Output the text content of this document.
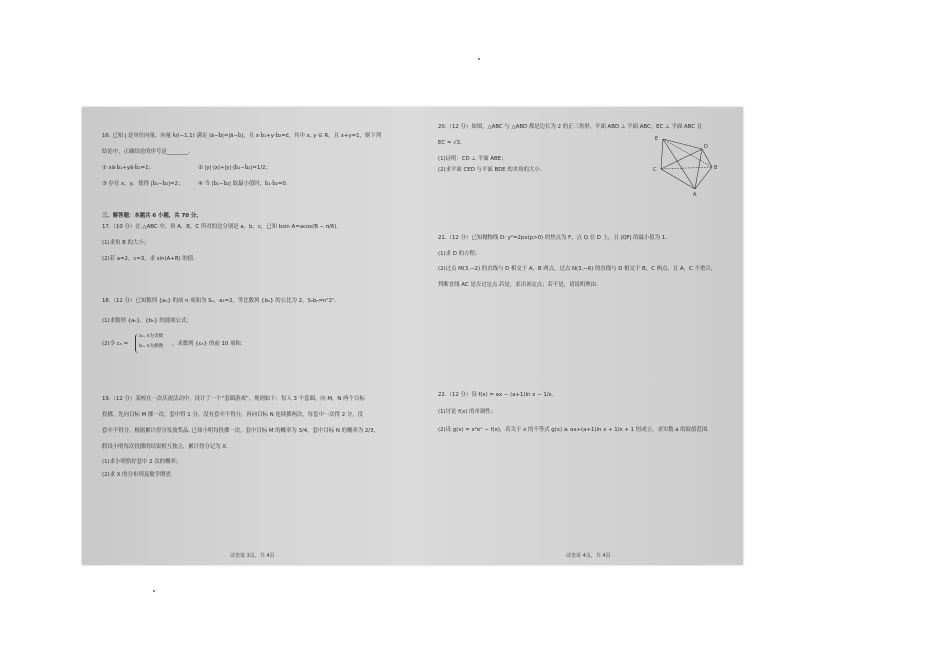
16. 已知 j 是单位向量，向量 k̄(i−1,1) 满足 |ā−b̄|=|ā−b̄|，且 x·b̄₁+y·b̄₂=c̄，其中 x, y ∈ R，且 x+y=1，则下列
结论中，正确结论的序号是________.
① xā·b̄₁+yā·b̄₂=1；	② |y|·|x|+|y|·|b̄₁−b̄₂|=1/2；
③ 存在 x，y，使得 |b̄₁−b̄₂|=2；	④ 当 |b̄₁−b̄₂| 取最小值时，b̄₁·b̄₂=0.
三、解答题：本题共 6 小题，共 70 分。
17.（10 分）在 △ABC 中，角 A，B，C 所对的边分别是 a，b，c，已知 bsin A=acos(B − π/6).
(1)求角 B 的大小；
(2)若 a=2，c=3，求 sin(A+B) 的值.
18.（12 分）已知数列 {aₙ} 的前 n 项和为 Sₙ，a₁=2，等比数列 {bₙ} 的公比为 2，Sₙbₙ=n²2ⁿ.
(1)求数列 {aₙ}，{bₙ} 的通项公式；
(2)令 cₙ =
aₙ, n为奇数
bₙ, n为偶数 ，求数列 {cₙ} 的前 10 项和.
19.（12 分）某校在一次庆祝活动中，设计了一个“套圈游戏”，规则如下：每人 3 个套圈，向 M，N 两个目标
投掷，先向目标 M 掷一次，套中得 1 分，没有套中不得分，再向目标 N 连续掷两次，每套中一次得 2 分，没
套中不得分，根据累计得分发放奖品. 已知小明每投掷一次，套中目标 M 的概率为 3/4，套中目标 N 的概率为 2/3，
假设小明每次投掷的结果相互独立，累计得分记为 X.
(1)求小明恰好套中 2 次的概率；
(2)求 X 的分布列及数学期望.
试卷第 3页，共 4页
20.（12 分）如图，△ABC 与 △ABD 都是边长为 2 的正三角形，平面 ABD ⊥ 平面 ABC，EC ⊥ 平面 ABC 且
EC = √3.
(1)证明：CD ⊥ 平面 ABE；
(2)求平面 CED 与平面 BDE 的夹角的大小.
E
D
C	B
A
21.（12 分）已知抛物线 D: y²=2px(p>0) 的焦点为 F，点 Q 在 D 上，且 |QF| 的最小值为 1.
(1)求 D 的方程；
(2)过点 M(3,−2) 的直线与 D 相交于 A，B 两点，过点 N(3,−6) 的直线与 D 相交于 B，C 两点，且 A，C 不重合，
判断直线 AC 是否过定点.若是，求出该定点；若不是，请说明理由.
22.（12 分）设 f(x) = ax − (a+1)ln x − 1/x.
(1)讨论 f(x) 的单调性；
(2)设 g(x) = x²eˣ − f(x)，若关于 x 的不等式 g(x) ≥ ax+(a+1)ln x + 1/x + 1 恒成立，求实数 a 的取值范围.
试卷第 4页，共 4页
